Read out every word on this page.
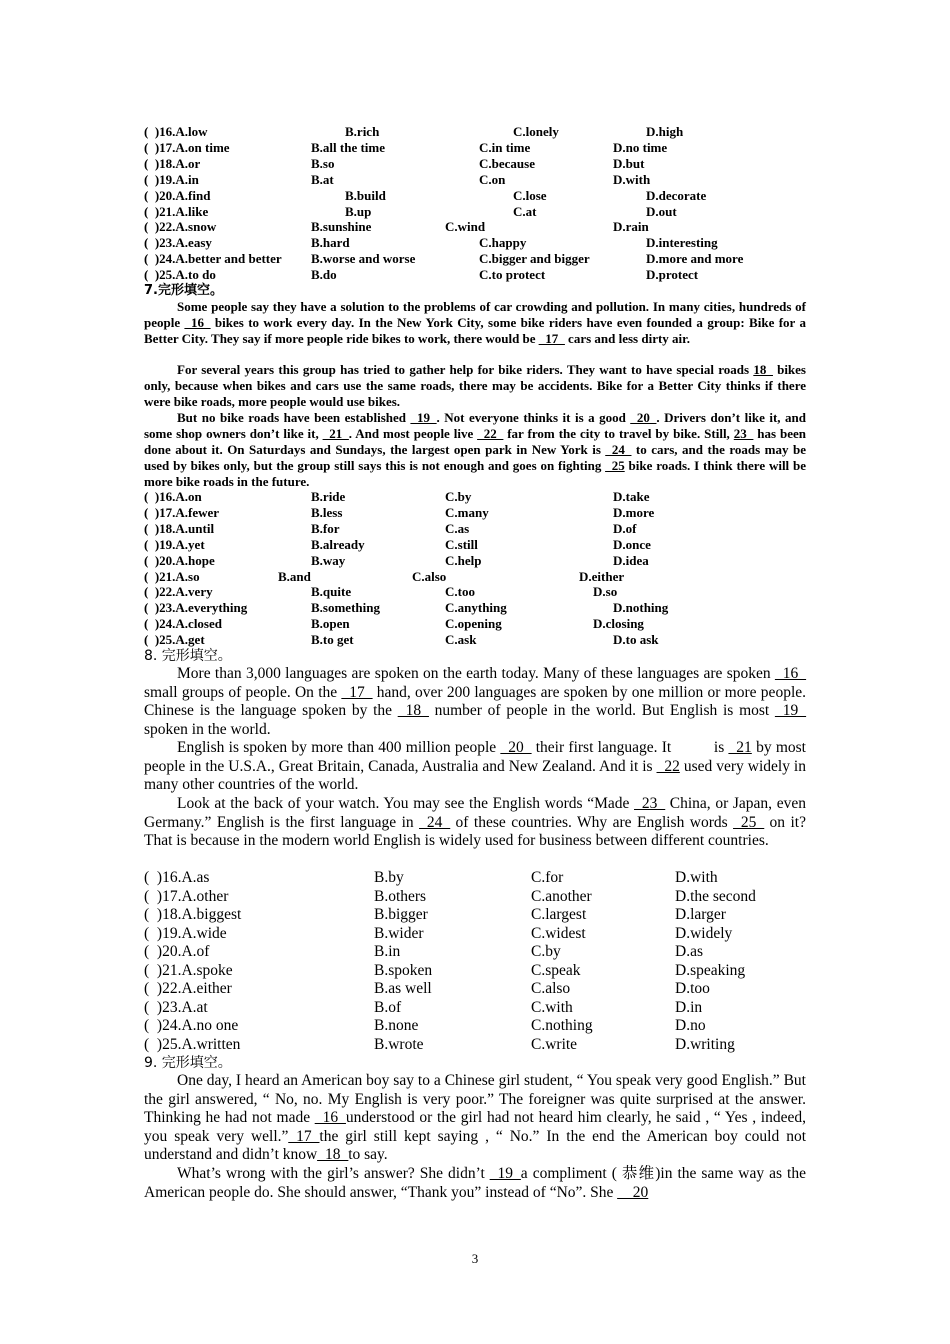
(  )16.A.low	B.rich	C.lonely	D.high
(  )17.A.on time	B.all the time	C.in time	D.no time
(  )18.A.or	B.so	C.because	D.but
(  )19.A.in	B.at	C.on	D.with
(  )20.A.find	B.build	C.lose	D.decorate
(  )21.A.like	B.up	C.at	D.out
(  )22.A.snow	B.sunshine	C.wind	D.rain
(  )23.A.easy	B.hard	C.happy	D.interesting
(  )24.A.better and better B.worse and worse	C.bigger and bigger	D.more and more
(  )25.A.to do	B.do	C.to protect	D.protect
7.完形填空。

Some people say they have a solution to the problems of car crowding and pollution. In many cities, hundreds of people _16_ bikes to work every day. In the New York City, some bike riders have even founded a group: Bike for a Better City. They say if more people ride bikes to work, there would be _17_ cars and less dirty air.

For several years this group has tried to gather help for bike riders. They want to have special roads 18_ bikes only, because when bikes and cars use the same roads, there may be accidents. Bike for a Better City thinks if there were bike roads, more people would use bikes.

But no bike roads have been established _19_. Not everyone thinks it is a good _20_. Drivers don’t like it, and some shop owners don’t like it, _21_. And most people live _22_ far from the city to travel by bike. Still, 23_ has been done about it. On Saturdays and Sundays, the largest open park in New York is _24_ to cars, and the roads may be used by bikes only, but the group still says this is not enough and goes on fighting _25 bike roads. I think there will be more bike roads in the future.

(  )16.A.on	B.ride	C.by	D.take
(  )17.A.fewer	B.less	C.many	D.more
(  )18.A.until	B.for	C.as	D.of
(  )19.A.yet	B.already	C.still	D.once
(  )20.A.hope	B.way	C.help	D.idea
(  )21.A.so	B.and	C.also	D.either
(  )22.A.very	B.quite	C.too	D.so
(  )23.A.everything	B.something	C.anything	D.nothing
(  )24.A.closed	B.open	C.opening	D.closing
(  )25.A.get	B.to get	C.ask	D.to ask
8. 完形填空。

More than 3,000 languages are spoken on the earth today. Many of these languages are spoken _16_ small groups of people. On the _17_ hand, over 200 languages are spoken by one million or more people. Chinese is the language spoken by the _18_ number of people in the world. But English is most _19_ spoken in the world.

English is spoken by more than 400 million people _20_ their first language. It          is _21 by most people in the U.S.A., Great Britain, Canada, Australia and New Zealand. And it is _22 used very widely in many other countries of the world.

Look at the back of your watch. You may see the English words “Made _23_ China, or Japan, even Germany.” English is the first language in _24_ of these countries. Why are English words _25_ on it? That is because in the modern world English is widely used for business between different countries.

(  )16.A.as	B.by	C.for	D.with
(  )17.A.other	B.others	C.another	D.the second
(  )18.A.biggest	B.bigger	C.largest	D.larger
(  )19.A.wide	B.wider	C.widest	D.widely
(  )20.A.of	B.in	C.by	D.as
(  )21.A.spoke	B.spoken	C.speak	D.speaking
(  )22.A.either	B.as well	C.also	D.too
(  )23.A.at	B.of	C.with	D.in
(  )24.A.no one	B.none	C.nothing	D.no
(  )25.A.written	B.wrote	C.write	D.writing
9. 完形填空。

One day, I heard an American boy say to a Chinese girl student, “ You speak very good English.” But the girl answered, “ No, no. My English is very poor.” The foreigner was quite surprised at the answer. Thinking he had not made _16_understood or the girl had not heard him clearly, he said , “ Yes , indeed, you speak very well.”_17_the girl still kept saying , “ No.” In the end the American boy could not understand and didn’t know_18_to say.

What’s wrong with the girl’s answer? She didn’t _19_a compliment ( 恭维)in the same way as the American people do. She should answer, “Thank you” instead of “No”. She __20

3
